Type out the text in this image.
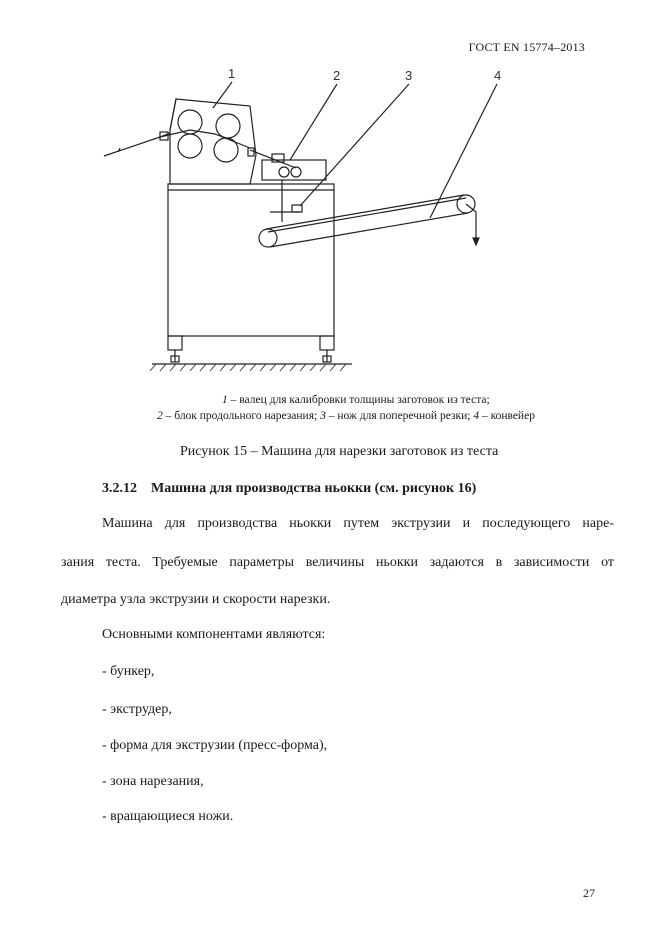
ГОСТ EN 15774–2013
1	2	3	4
1 – валец для калибровки толщины заготовок из теста;
2 – блок продольного нарезания; 3 – нож для поперечной резки; 4 – конвейер
Рисунок 15 – Машина для нарезки заготовок из теста
3.2.12 Машина для производства ньокки (см. рисунок 16)
Машина для производства ньокки путем экструзии и последующего наре-
зания теста. Требуемые параметры величины ньокки задаются в зависимости от
диаметра узла экструзии и скорости нарезки.
Основными компонентами являются:
- бункер,
- экструдер,
- форма для экструзии (пресс-форма),
- зона нарезания,
- вращающиеся ножи.
27
